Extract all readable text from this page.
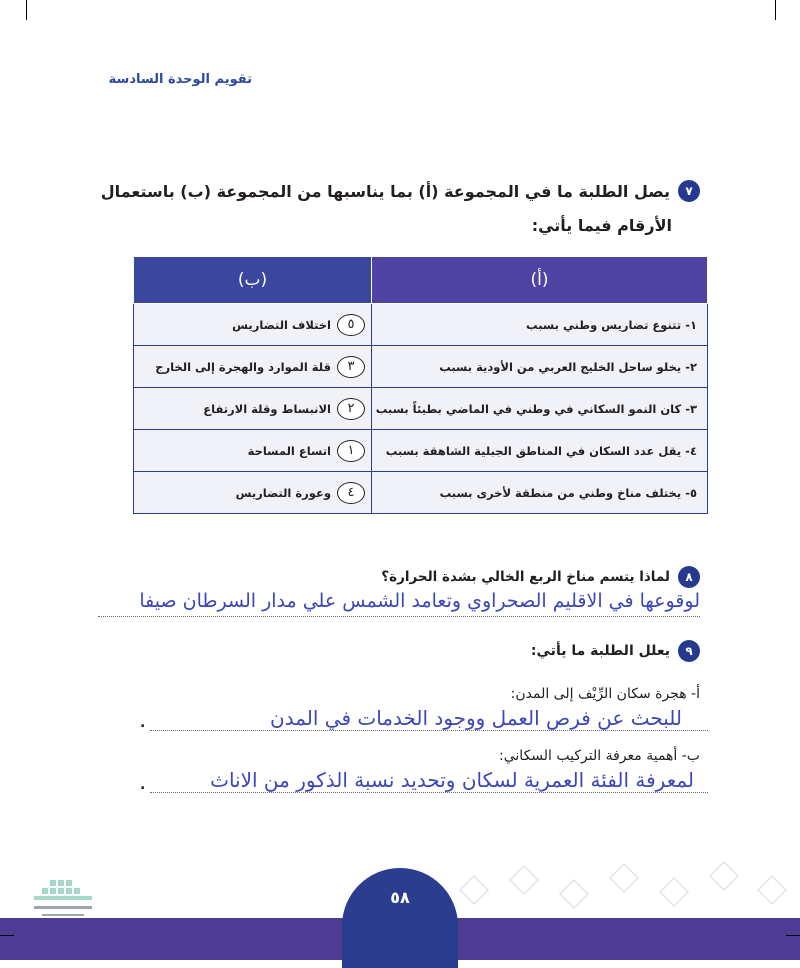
تقويم الوحدة السادسة
٧
يصل الطلبة ما في المجموعة (أ) بما يناسبها من المجموعة (ب) باستعمال
الأرقام فيما يأتي:
(أ)	(ب)
١- تتنوع تضاريس وطني بسبب	٥
اختلاف التضاريس

٢- يخلو ساحل الخليج العربي من الأودية بسبب	٣
قلة الموارد والهجرة إلى الخارج

٣- كان النمو السكاني في وطني في الماضي بطيئاً بسبب	٢
الانبساط وقلة الارتفاع

٤- يقل عدد السكان في المناطق الجبلية الشاهقة بسبب	١
اتساع المساحة

٥- يختلف مناخ وطني من منطقة لأخرى بسبب	٤
وعورة التضاريس
٨
لماذا يتسم مناخ الربع الخالي بشدة الحرارة؟
لوقوعها في الاقليم الصحراوي وتعامد الشمس علي مدار السرطان صيفا
٩
يعلل الطلبة ما يأتي:
أ- هجرة سكان الرِّيْف إلى المدن:
للبحث عن فرص العمل ووجود الخدمات في المدن
.
ب- أهمية معرفة التركيب السكاني:
لمعرفة الفئة العمرية لسكان وتحديد نسبة الذكور من الاناث
.
٥٨
